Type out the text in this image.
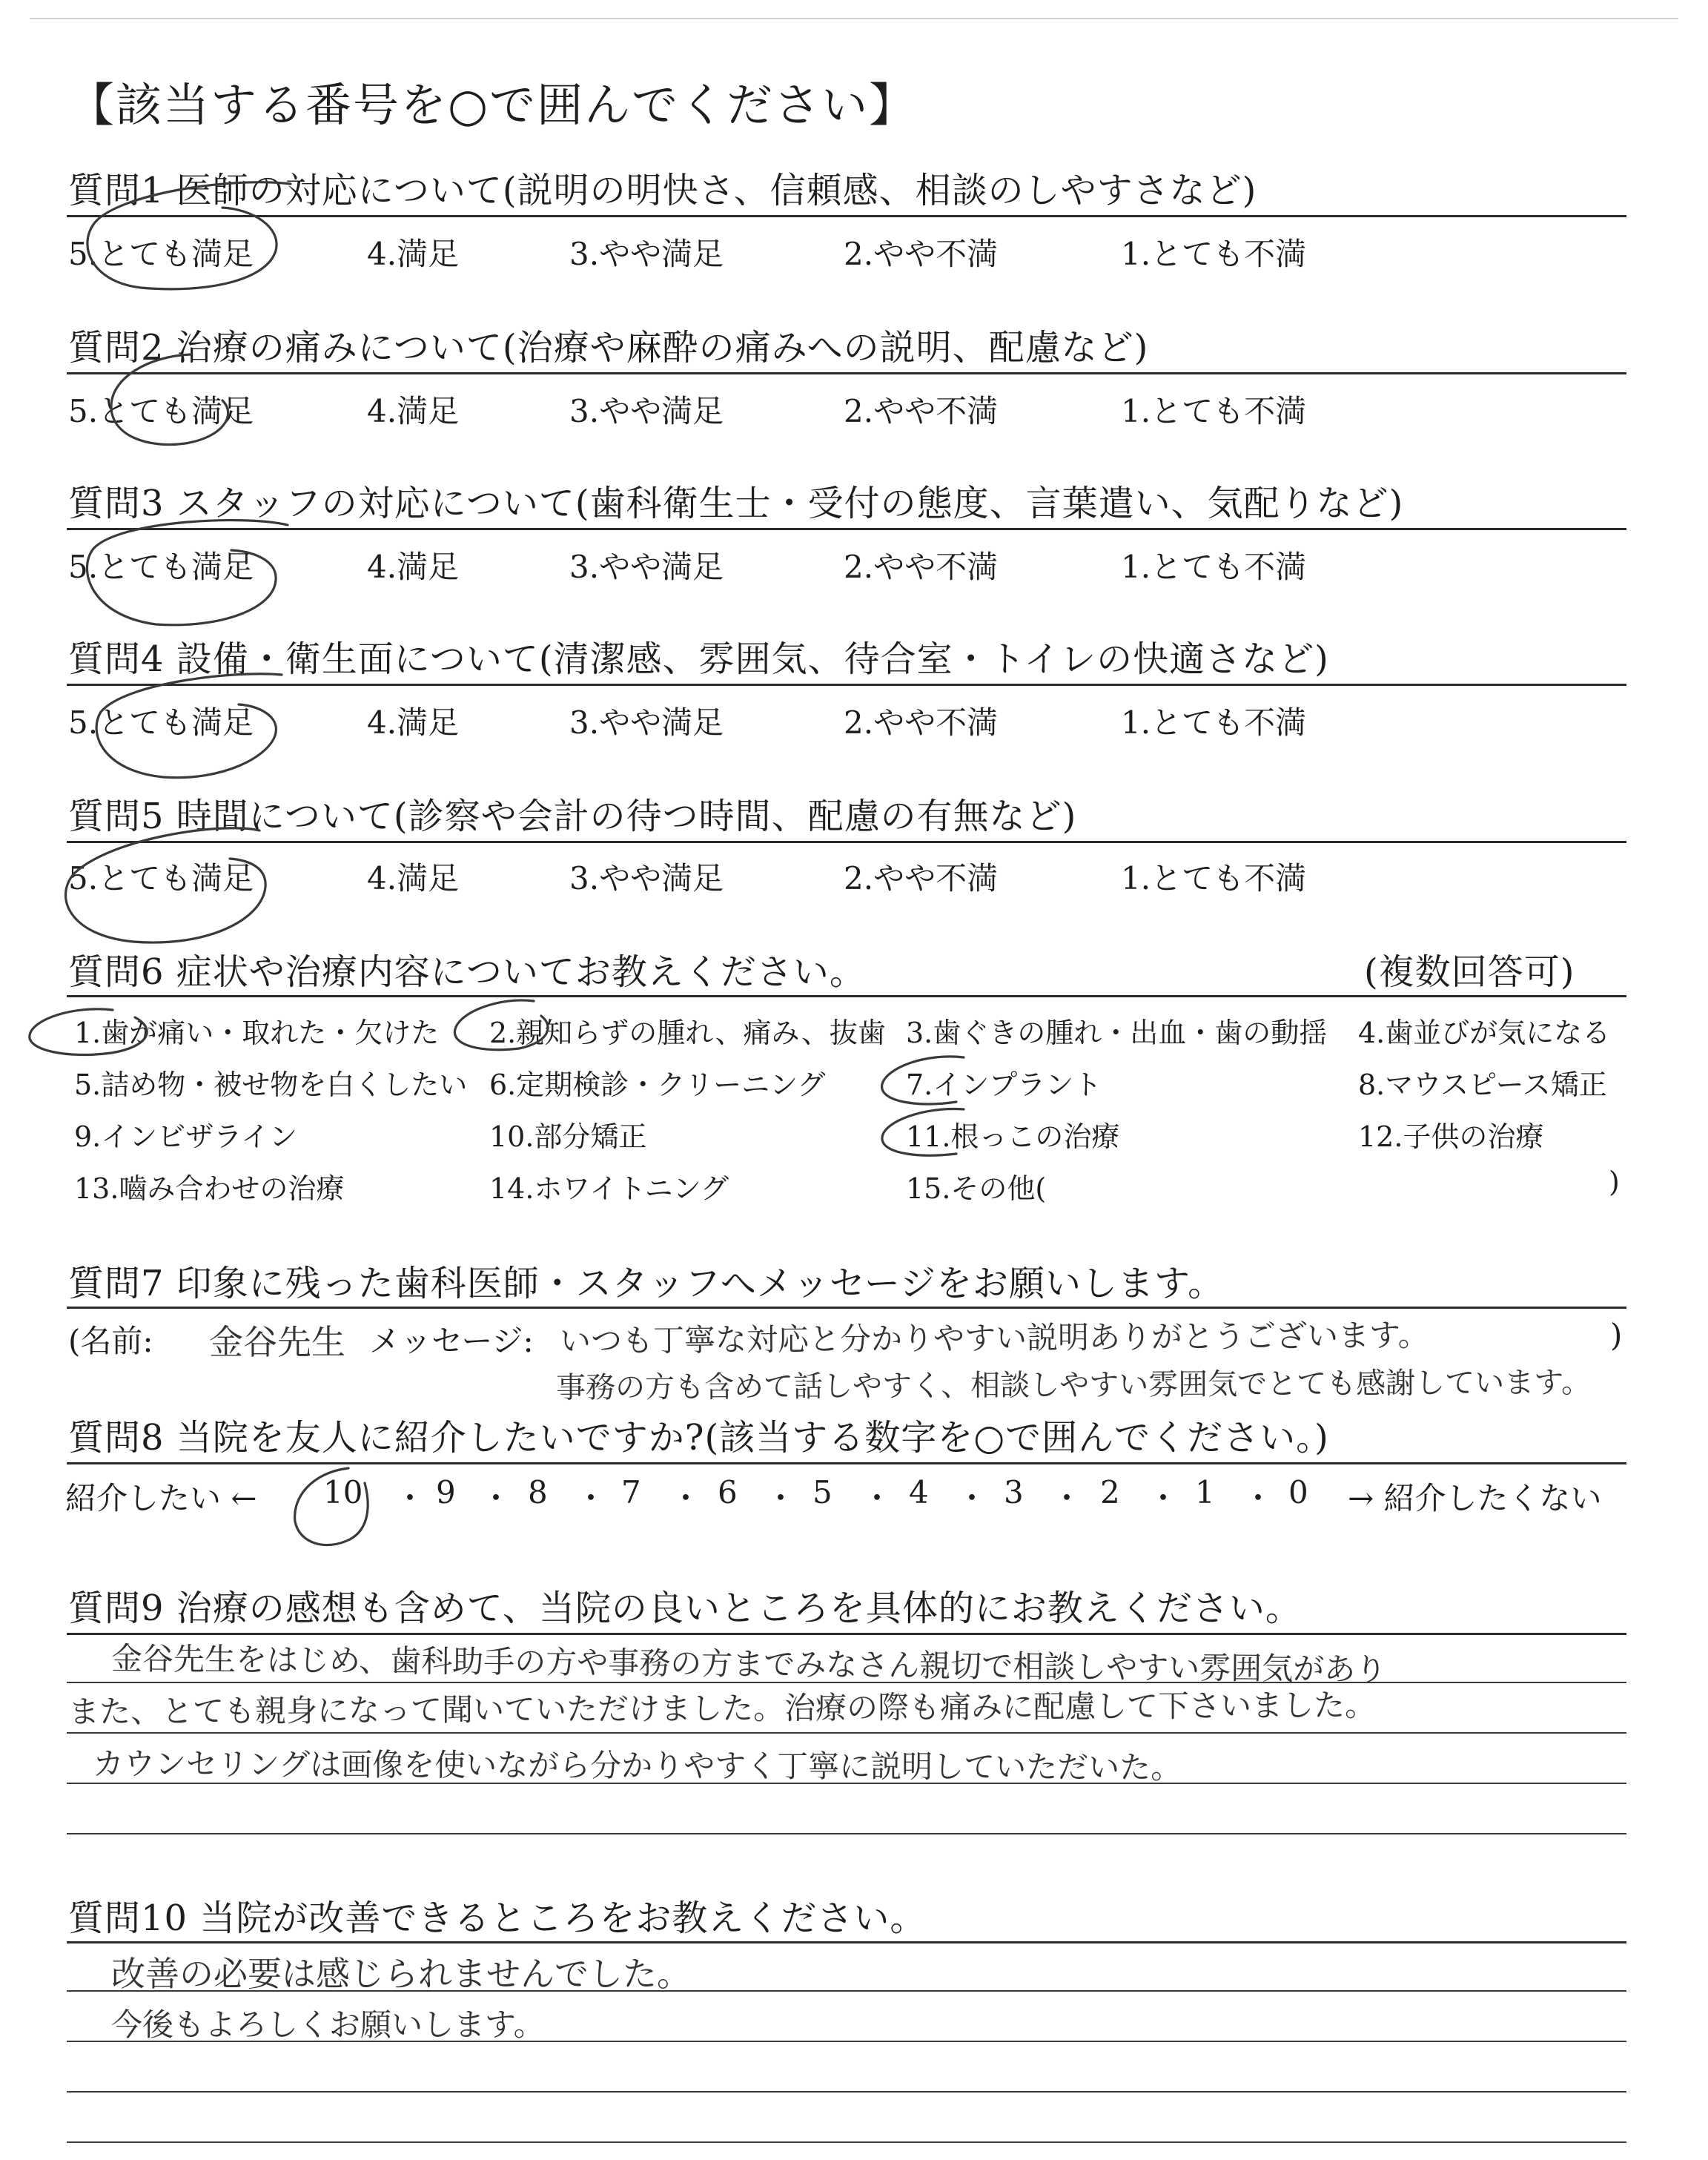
【該当する番号を○で囲んでください】
質問1 医師の対応について(説明の明快さ、信頼感、相談のしやすさなど)
5.とても満足	4.満足	3.やや満足	2.やや不満	1.とても不満
質問2 治療の痛みについて(治療や麻酔の痛みへの説明、配慮など)
5.とても満足	4.満足	3.やや満足	2.やや不満	1.とても不満
質問3 スタッフの対応について(歯科衛生士・受付の態度、言葉遣い、気配りなど)
5.とても満足	4.満足	3.やや満足	2.やや不満	1.とても不満
質問4 設備・衛生面について(清潔感、雰囲気、待合室・トイレの快適さなど)
5.とても満足	4.満足	3.やや満足	2.やや不満	1.とても不満
質問5 時間について(診察や会計の待つ時間、配慮の有無など)
5.とても満足	4.満足	3.やや満足	2.やや不満	1.とても不満
質問6 症状や治療内容についてお教えください。	(複数回答可)
1.歯が痛い・取れた・欠けた 2.親知らずの腫れ、痛み、抜歯 3.歯ぐきの腫れ・出血・歯の動揺 4.歯並びが気になる
5.詰め物・被せ物を白くしたい 6.定期検診・クリーニング	7.インプラント	8.マウスピース矯正
9.インビザライン	10.部分矯正	11.根っこの治療	12.子供の治療
13.嚙み合わせの治療	14.ホワイトニング	15.その他(	)
質問7 印象に残った歯科医師・スタッフへメッセージをお願いします。
(名前: 金谷先生 メッセージ: いつも丁寧な対応と分かりやすい説明ありがとうございます。	)
事務の方も含めて話しやすく、相談しやすい雰囲気でとても感謝しています。
質問8 当院を友人に紹介したいですか?(該当する数字を○で囲んでください。)
紹介したい ← 10 ・ 9 ・ 8 ・ 7 ・ 6 ・ 5 ・ 4 ・ 3 ・ 2 ・ 1 ・ 0 → 紹介したくない
質問9 治療の感想も含めて、当院の良いところを具体的にお教えください。
金谷先生をはじめ、歯科助手の方や事務の方までみなさん親切で相談しやすい雰囲気があり
また、とても親身になって聞いていただけました。治療の際も痛みに配慮して下さいました。
カウンセリングは画像を使いながら分かりやすく丁寧に説明していただいた。
質問10 当院が改善できるところをお教えください。
改善の必要は感じられませんでした。
今後もよろしくお願いします。
